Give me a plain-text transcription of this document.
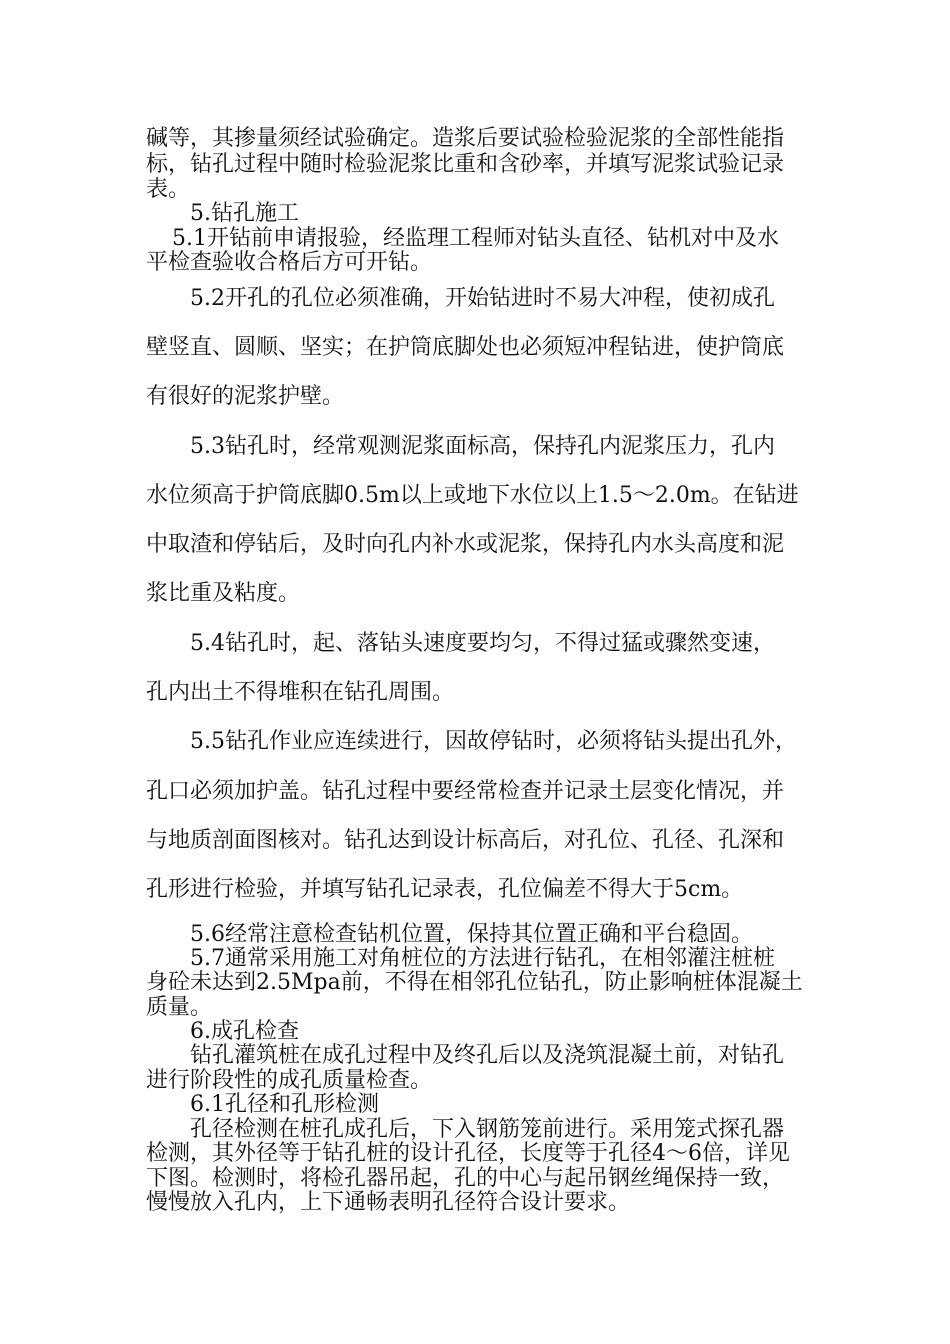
碱等，其掺量须经试验确定。造浆后要试验检验泥浆的全部性能指

标，钻孔过程中随时检验泥浆比重和含砂率，并填写泥浆试验记录

表。

5.钻孔施工

5.1开钻前申请报验，经监理工程师对钻头直径、钻机对中及水

平检查验收合格后方可开钻。

5.2开孔的孔位必须准确，开始钻进时不易大冲程，使初成孔

壁竖直、圆顺、坚实；在护筒底脚处也必须短冲程钻进，使护筒底

有很好的泥浆护壁。

5.3钻孔时，经常观测泥浆面标高，保持孔内泥浆压力，孔内

水位须高于护筒底脚0.5m以上或地下水位以上1.5～2.0m。在钻进

中取渣和停钻后，及时向孔内补水或泥浆，保持孔内水头高度和泥

浆比重及粘度。

5.4钻孔时，起、落钻头速度要均匀，不得过猛或骤然变速，

孔内出土不得堆积在钻孔周围。

5.5钻孔作业应连续进行，因故停钻时，必须将钻头提出孔外，

孔口必须加护盖。钻孔过程中要经常检查并记录土层变化情况，并

与地质剖面图核对。钻孔达到设计标高后，对孔位、孔径、孔深和

孔形进行检验，并填写钻孔记录表，孔位偏差不得大于5cm。

5.6经常注意检查钻机位置，保持其位置正确和平台稳固。

5.7通常采用施工对角桩位的方法进行钻孔，在相邻灌注桩桩

身砼未达到2.5Mpa前，不得在相邻孔位钻孔，防止影响桩体混凝土

质量。

6.成孔检查

钻孔灌筑桩在成孔过程中及终孔后以及浇筑混凝土前，对钻孔

进行阶段性的成孔质量检查。

6.1孔径和孔形检测

孔径检测在桩孔成孔后，下入钢筋笼前进行。采用笼式探孔器

检测，其外径等于钻孔桩的设计孔径，长度等于孔径4～6倍，详见

下图。检测时，将检孔器吊起，孔的中心与起吊钢丝绳保持一致，

慢慢放入孔内，上下通畅表明孔径符合设计要求。
